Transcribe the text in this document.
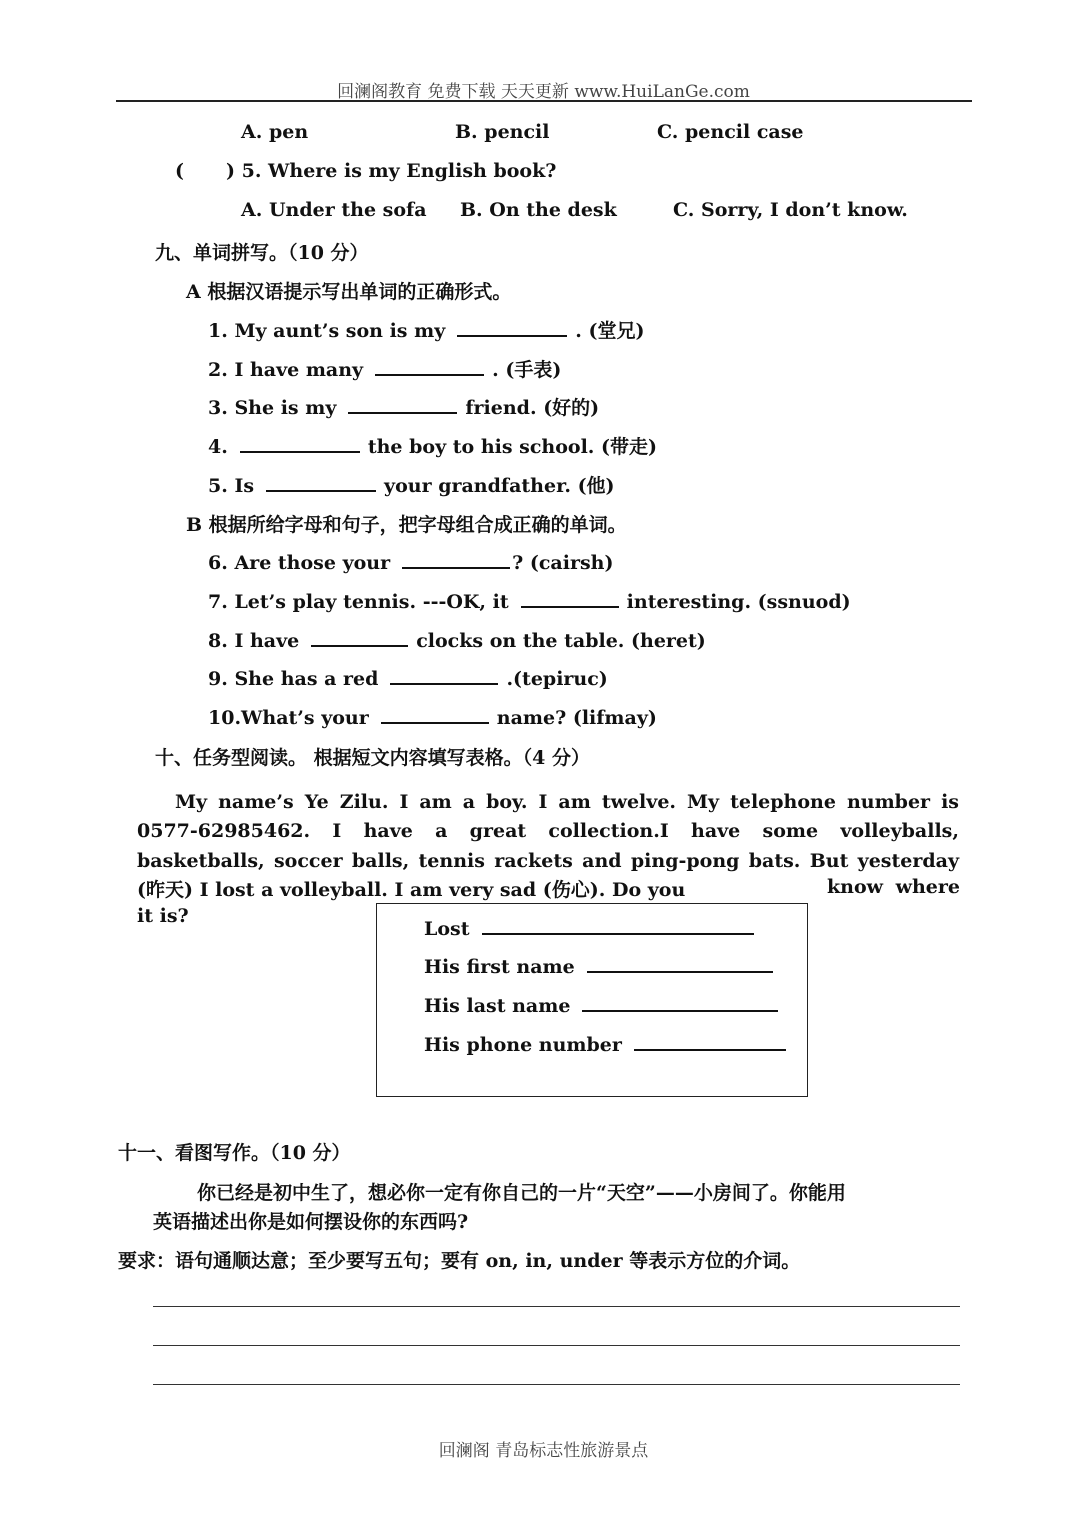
回澜阁教育 免费下载 天天更新 www.HuiLanGe.com
A. pen	B. pencil	C. pencil case
( ) 5. Where is my English book?
A. Under the sofa B. On the desk	C. Sorry, I don’t know.
九、单词拼写。（10 分）
A 根据汉语提示写出单词的正确形式。
1. My aunt’s son is my	. (堂兄)
2. I have many	. (手表)
3. She is my	friend. (好的)
4.	the boy to his school. (带走)
5. Is	your grandfather. (他)
B 根据所给字母和句子，把字母组合成正确的单词。
6. Are those your	? (cairsh)
7. Let’s play tennis. ---OK, it	interesting. (ssnuod)
8. I have	clocks on the table. (heret)
9. She has a red	.(tepiruc)
10.What’s your	name? (lifmay)
十、任务型阅读。 根据短文内容填写表格。（4 分）
My name’s Ye Zilu. I am a boy. I am twelve. My telephone number is 0577-62985462. I have a great collection.I have some volleyballs, basketballs, soccer balls, tennis rackets and ping-pong bats. But yesterday (昨天) I lost a volleyball. I am very sad (伤心). Do you	know where
it is?
Lost
His first name
His last name
His phone number
十一、看图写作。（10 分）
你已经是初中生了，想必你一定有你自己的一片“天空”——小房间了。你能用
英语描述出你是如何摆设你的东西吗?
要求：语句通顺达意；至少要写五句；要有 on, in, under 等表示方位的介词。
回澜阁 青岛标志性旅游景点
